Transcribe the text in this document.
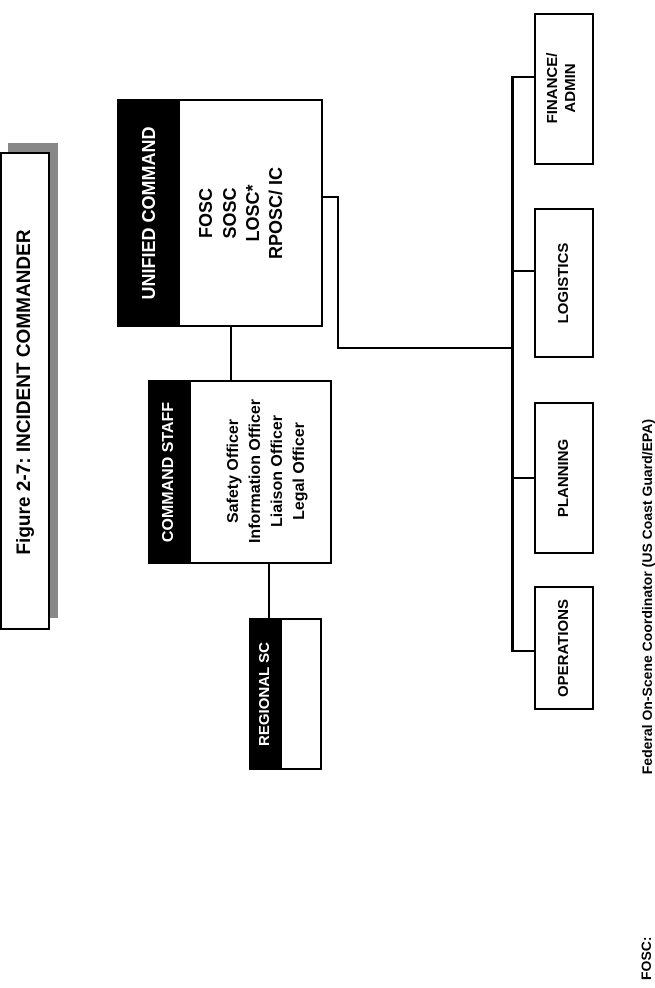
Figure 2-7: INCIDENT COMMANDER
UNIFIED COMMAND FOSC SOSC LOSC* RPOSC/ IC
COMMAND STAFF	Safety Officer Information Officer Liaison Officer Legal Officer
REGIONAL SC	OPERATIONS
PLANNING
LOGISTICS
FINANCE/
ADMIN
FOSC:
Federal On-Scene Coordinator (US Coast Guard/EPA)
